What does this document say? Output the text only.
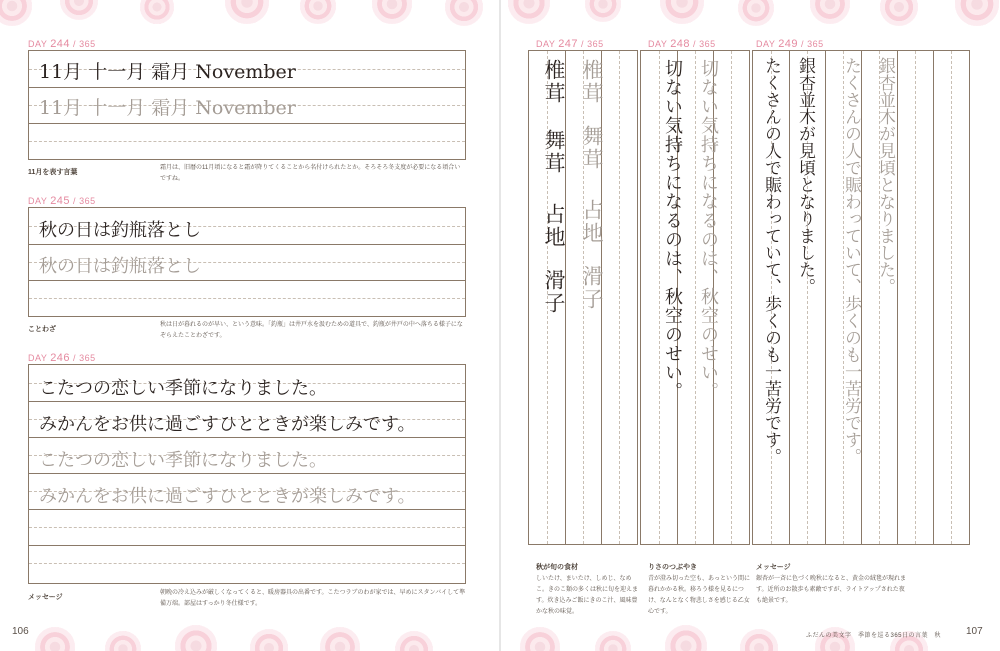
DAY 244 / 365
11月 十一月 霜月 November
11月 十一月 霜月 November
11月を表す言葉
霜月は、旧暦の11月頃になると霜が降りてくることから名付けられたとか。そろそろ冬支度が必要になる頃合いですね。
DAY 245 / 365
秋の日は釣瓶落とし
秋の日は釣瓶落とし
ことわざ
秋は日が暮れるのが早い、という意味。「釣瓶」は井戸水を汲むための道具で、釣瓶が井戸の中へ落ちる様子になぞらえたことわざです。
DAY 246 / 365
こたつの恋しい季節になりました。
みかんをお供に過ごすひとときが楽しみです。
こたつの恋しい季節になりました。
みかんをお供に過ごすひとときが楽しみです。
メッセージ
朝晩の冷え込みが厳しくなってくると、暖房器具の出番です。こたつラブのわが家では、早めにスタンバイして準備万端。部屋はすっかり冬仕様です。
106
DAY 247 / 365
椎茸
舞茸
占地
滑子
椎茸
舞茸
占地
滑子
DAY 248 / 365
切ない気持ちになるのは、秋空のせい。
切ない気持ちになるのは、秋空のせい。
DAY 249 / 365
銀杏並木が見頃となりました。
たくさんの人で賑わっていて、歩くのも一苦労です。
銀杏並木が見頃となりました。
たくさんの人で賑わっていて、歩くのも一苦労です。
秋が旬の食材
しいたけ、まいたけ、しめじ、なめこ。きのこ類の多くは秋に旬を迎えます。炊き込みご飯にきのこ汁、風味豊かな秋の味覚。
りさのつぶやき
青が澄み切った空も、あっという間に暮れかかる秋。移ろう様を見るにつけ、なんとなく物悲しさを感じる乙女心です。
メッセージ
銀杏が一斉に色づく晩秋になると、黄金の絨毯が現れます。近所のお散歩も素敵ですが、ライトアップされた夜も絶景です。
ふだんの美文字　季節を巡る365日の言葉　秋 107
